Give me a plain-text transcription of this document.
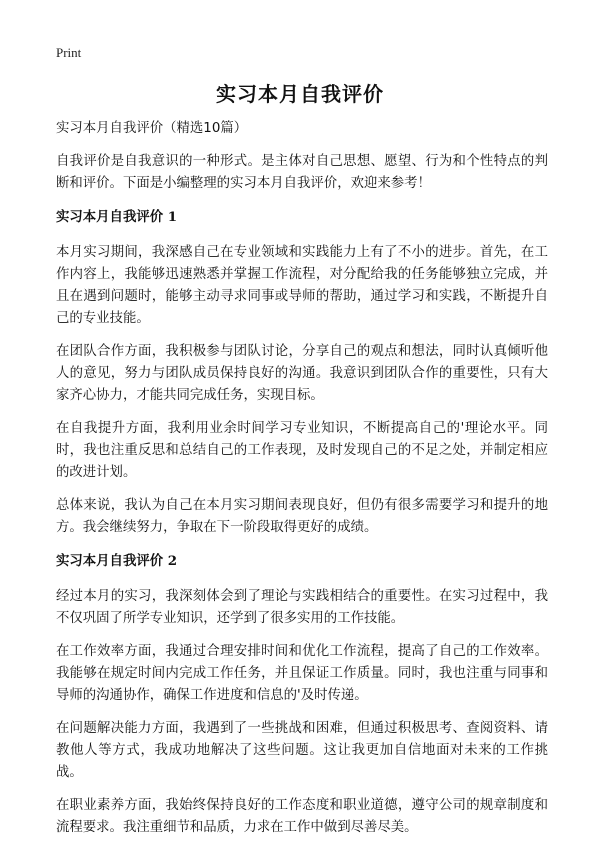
Print
实习本月自我评价

实习本月自我评价（精选10篇）

自我评价是自我意识的一种形式。是主体对自己思想、愿望、行为和个性特点的判断和评价。下面是小编整理的实习本月自我评价，欢迎来参考！

实习本月自我评价 1

本月实习期间，我深感自己在专业领域和实践能力上有了不小的进步。首先，在工作内容上，我能够迅速熟悉并掌握工作流程，对分配给我的任务能够独立完成，并且在遇到问题时，能够主动寻求同事或导师的帮助，通过学习和实践，不断提升自己的专业技能。

在团队合作方面，我积极参与团队讨论，分享自己的观点和想法，同时认真倾听他人的意见，努力与团队成员保持良好的沟通。我意识到团队合作的重要性，只有大家齐心协力，才能共同完成任务，实现目标。

在自我提升方面，我利用业余时间学习专业知识，不断提高自己的'理论水平。同时，我也注重反思和总结自己的工作表现，及时发现自己的不足之处，并制定相应的改进计划。

总体来说，我认为自己在本月实习期间表现良好，但仍有很多需要学习和提升的地方。我会继续努力，争取在下一阶段取得更好的成绩。

实习本月自我评价 2

经过本月的实习，我深刻体会到了理论与实践相结合的重要性。在实习过程中，我不仅巩固了所学专业知识，还学到了很多实用的工作技能。

在工作效率方面，我通过合理安排时间和优化工作流程，提高了自己的工作效率。我能够在规定时间内完成工作任务，并且保证工作质量。同时，我也注重与同事和导师的沟通协作，确保工作进度和信息的'及时传递。

在问题解决能力方面，我遇到了一些挑战和困难，但通过积极思考、查阅资料、请教他人等方式，我成功地解决了这些问题。这让我更加自信地面对未来的工作挑战。

在职业素养方面，我始终保持良好的工作态度和职业道德，遵守公司的规章制度和流程要求。我注重细节和品质，力求在工作中做到尽善尽美。
